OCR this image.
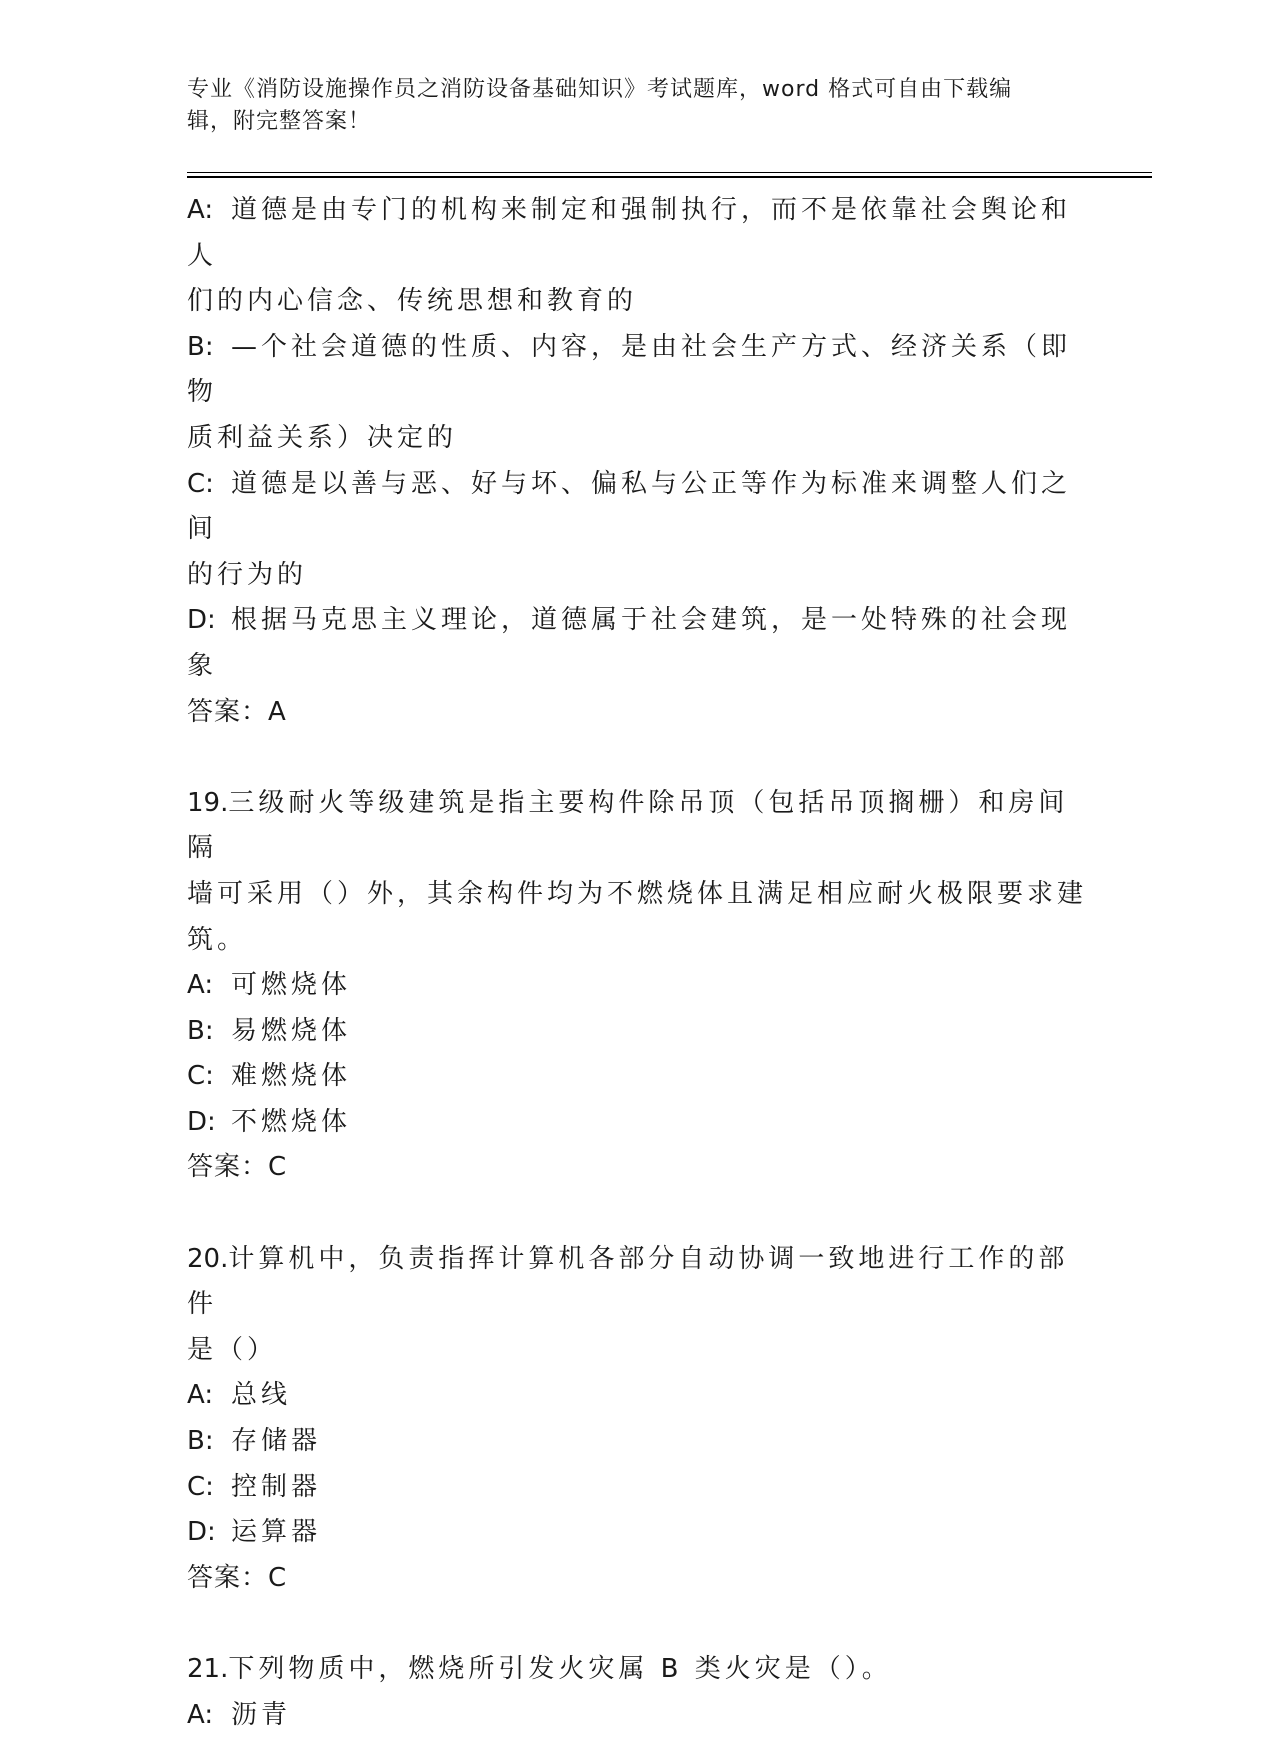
专业《消防设施操作员之消防设备基础知识》考试题库，word 格式可自由下载编
辑，附完整答案！
A: 道德是由专门的机构来制定和强制执行，而不是依靠社会舆论和人
们的内心信念、传统思想和教育的
B: —个社会道德的性质、内容，是由社会生产方式、经济关系（即物
质利益关系）决定的
C: 道德是以善与恶、好与坏、偏私与公正等作为标准来调整人们之间
的行为的
D: 根据马克思主义理论，道德属于社会建筑，是一处特殊的社会现象
答案：A
19.三级耐火等级建筑是指主要构件除吊顶（包括吊顶搁栅）和房间隔
墙可采用（）外，其余构件均为不燃烧体且满足相应耐火极限要求建
筑。
A: 可燃烧体
B: 易燃烧体
C: 难燃烧体
D: 不燃烧体
答案：C
20.计算机中，负责指挥计算机各部分自动协调一致地进行工作的部件
是（）
A: 总线
B: 存储器
C: 控制器
D: 运算器
答案：C
21.下列物质中，燃烧所引发火灾属 B 类火灾是（）。
A: 沥青
